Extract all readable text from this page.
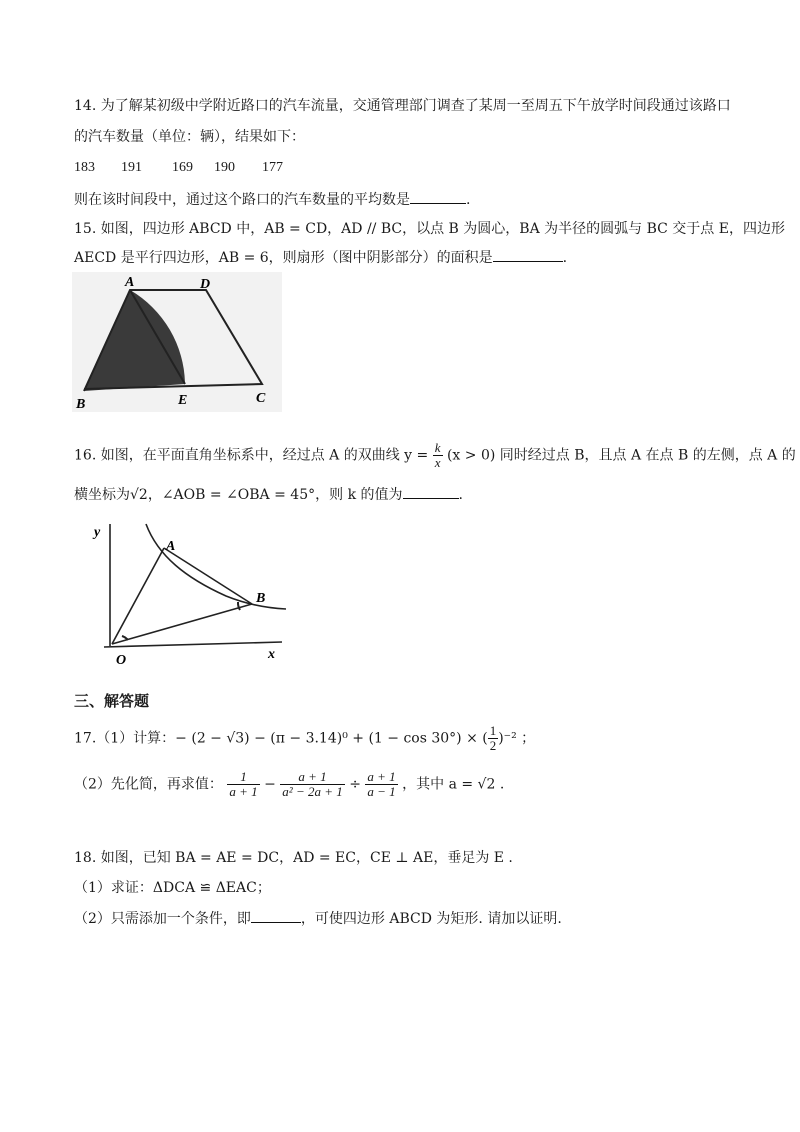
14. 为了解某初级中学附近路口的汽车流量，交通管理部门调查了某周一至周五下午放学时间段通过该路口
的汽车数量（单位：辆），结果如下：
183 191 169 190 177
则在该时间段中，通过这个路口的汽车数量的平均数是	.
15. 如图，四边形 ABCD 中，AB = CD，AD // BC，以点 B 为圆心，BA 为半径的圆弧与 BC 交于点 E，四边形
AECD 是平行四边形，AB = 6，则扇形（图中阴影部分）的面积是	.
A	D
B	E	C
16. 如图，在平面直角坐标系中，经过点 A 的双曲线 $y = \frac{k}{x} (x > 0)$ 同时经过点 B，且点 A 在点 B 的左侧，点 A 的
横坐标为√2，∠AOB = ∠OBA = 45°，则 k 的值为	.
y
x
O
A
B
三、解答题
17.（1）计算：− (2 − √3) − (π − 3.14)⁰ + (1 − cos 30°) × ( $\frac{1}{2} )^{-2}$ ；
（2）先化简，再求值： $\frac{1}{a + 1} - \frac{a + 1}{\text{a² − 2a + 1}} \div \frac{a + 1}{a - 1}$ ，其中 a = √2 .
18. 如图，已知 BA = AE = DC，AD = EC，CE ⊥ AE，垂足为 E .
（1）求证：ΔDCA ≌ ΔEAC；
（2）只需添加一个条件，即	，可使四边形 ABCD 为矩形. 请加以证明.
